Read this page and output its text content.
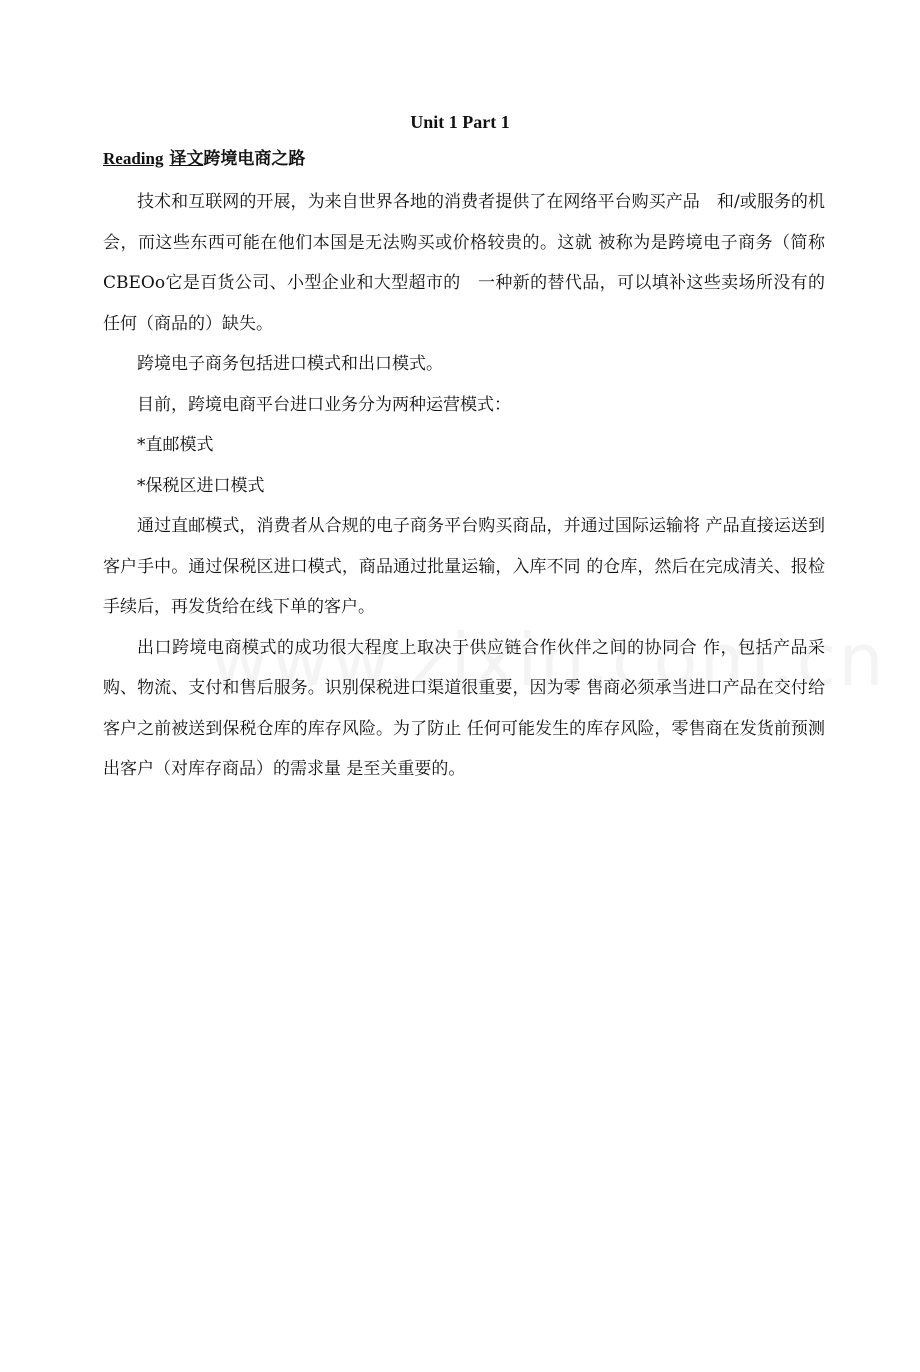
Unit 1 Part 1
Reading 译文跨境电商之路

技术和互联网的开展，为来自世界各地的消费者提供了在网络平台购买产品　和/或服务的机会，而这些东西可能在他们本国是无法购买或价格较贵的。这就 被称为是跨境电子商务（简称CBEOo它是百货公司、小型企业和大型超市的　一种新的替代品，可以填补这些卖场所没有的任何（商品的）缺失。

跨境电子商务包括进口模式和出口模式。

目前，跨境电商平台进口业务分为两种运营模式：

*直邮模式

*保税区进口模式

通过直邮模式，消费者从合规的电子商务平台购买商品，并通过国际运输将 产品直接运送到客户手中。通过保税区进口模式，商品通过批量运输，入库不同 的仓库，然后在完成清关、报检手续后，再发货给在线下单的客户。

出口跨境电商模式的成功很大程度上取决于供应链合作伙伴之间的协同合 作，包括产品采购、物流、支付和售后服务。识别保税进口渠道很重要，因为零 售商必须承当进口产品在交付给客户之前被送到保税仓库的库存风险。为了防止 任何可能发生的库存风险，零售商在发货前预测出客户（对库存商品）的需求量 是至关重要的。
